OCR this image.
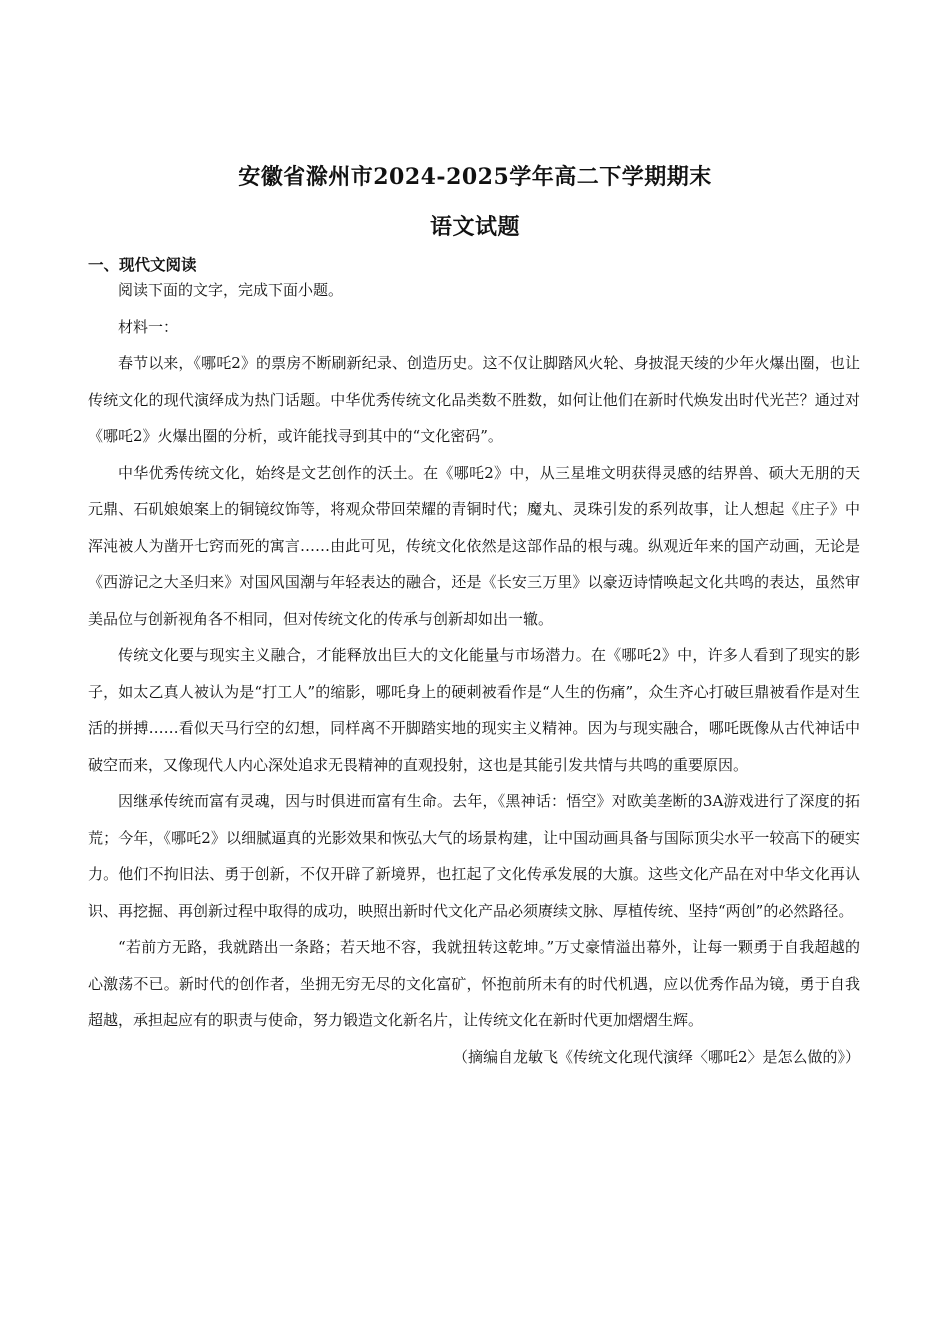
安徽省滁州市2024-2025学年高二下学期期末
语文试题
一、现代文阅读

阅读下面的文字，完成下面小题。

材料一：

春节以来，《哪吒2》的票房不断刷新纪录、创造历史。这不仅让脚踏风火轮、身披混天绫的少年火爆出圈，也让传统文化的现代演绎成为热门话题。中华优秀传统文化品类数不胜数，如何让他们在新时代焕发出时代光芒？通过对《哪吒2》火爆出圈的分析，或许能找寻到其中的“文化密码”。

中华优秀传统文化，始终是文艺创作的沃土。在《哪吒2》中，从三星堆文明获得灵感的结界兽、硕大无朋的天元鼎、石矶娘娘案上的铜镜纹饰等，将观众带回荣耀的青铜时代；魔丸、灵珠引发的系列故事，让人想起《庄子》中浑沌被人为凿开七窍而死的寓言……由此可见，传统文化依然是这部作品的根与魂。纵观近年来的国产动画，无论是《西游记之大圣归来》对国风国潮与年轻表达的融合，还是《长安三万里》以豪迈诗情唤起文化共鸣的表达，虽然审美品位与创新视角各不相同，但对传统文化的传承与创新却如出一辙。

传统文化要与现实主义融合，才能释放出巨大的文化能量与市场潜力。在《哪吒2》中，许多人看到了现实的影子，如太乙真人被认为是“打工人”的缩影，哪吒身上的硬刺被看作是“人生的伤痛”，众生齐心打破巨鼎被看作是对生活的拼搏……看似天马行空的幻想，同样离不开脚踏实地的现实主义精神。因为与现实融合，哪吒既像从古代神话中破空而来，又像现代人内心深处追求无畏精神的直观投射，这也是其能引发共情与共鸣的重要原因。

因继承传统而富有灵魂，因与时俱进而富有生命。去年，《黑神话：悟空》对欧美垄断的3A游戏进行了深度的拓荒；今年，《哪吒2》以细腻逼真的光影效果和恢弘大气的场景构建，让中国动画具备与国际顶尖水平一较高下的硬实力。他们不拘旧法、勇于创新，不仅开辟了新境界，也扛起了文化传承发展的大旗。这些文化产品在对中华文化再认识、再挖掘、再创新过程中取得的成功，映照出新时代文化产品必须赓续文脉、厚植传统、坚持“两创”的必然路径。

“若前方无路，我就踏出一条路；若天地不容，我就扭转这乾坤。”万丈豪情溢出幕外，让每一颗勇于自我超越的心激荡不已。新时代的创作者，坐拥无穷无尽的文化富矿，怀抱前所未有的时代机遇，应以优秀作品为镜，勇于自我超越，承担起应有的职责与使命，努力锻造文化新名片，让传统文化在新时代更加熠熠生辉。

（摘编自龙敏飞《传统文化现代演绎〈哪吒2〉是怎么做的》）
